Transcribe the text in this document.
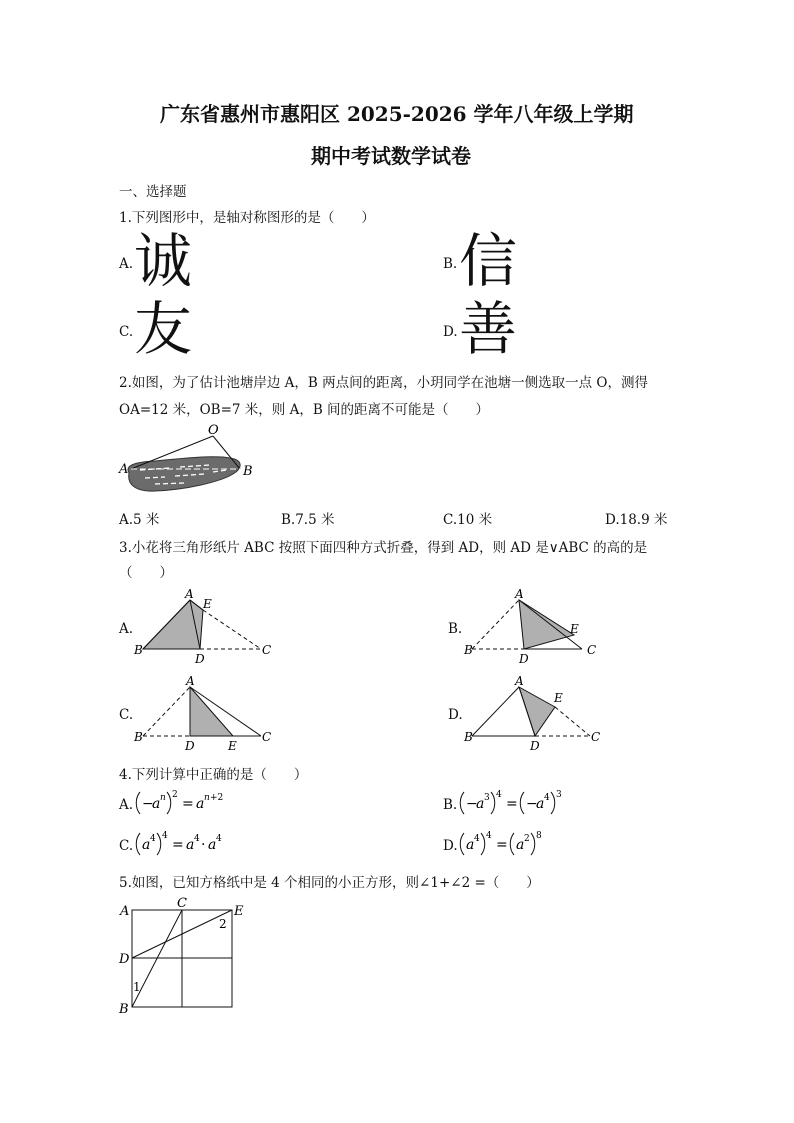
广东省惠州市惠阳区 2025-2026 学年八年级上学期
期中考试数学试卷
一、选择题
1.下列图形中，是轴对称图形的是（　　）
A. 诚	B. 信
C. 友	D. 善
2.如图，为了估计池塘岸边 A，B 两点间的距离，小玥同学在池塘一侧选取一点 O，测得
OA=12 米，OB=7 米，则 A，B 间的距离不可能是（　　）
O
A	B
A.5 米	B.7.5 米	C.10 米	D.18.9 米
3.小花将三角形纸片 ABC 按照下面四种方式折叠，得到 AD，则 AD 是∨ABC 的高的是
（　　）
A.
A
E
B
D
C
B.
A
E
B
D
C
C.
A
B
D	E
C
D.
A
E
B
D
C
4.下列计算中正确的是（　　）
A. −
a n 2
= a n +2	B. −
a 3 4
= −
a 4 3
C. a 4 4
= a 4 · a 4	D. a 4 4
= a 2 8
5.如图，已知方格纸中是 4 个相同的小正方形，则∠1+∠2 =（　　）
A
C
E
2
D
1
B
